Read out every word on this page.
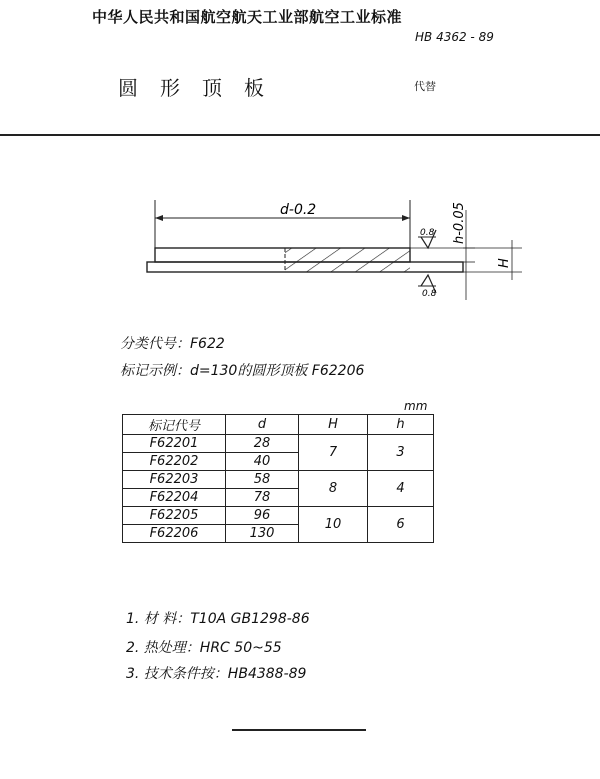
中华人民共和国航空航天工业部航空工业标准
HB 4362 - 89
圆形顶板	代替
d-0.2	h-0.05
H
0.8
0.8
分类代号：F622
标记示例：d=130的圆形顶板 F62206
mm
标记代号	d	H	h
F62201	28	7	3
F62202	40		
F62203	58	8	4
F62204	78		
F62205	96	10	6
F62206	130		
1. 材 料：T10A GB1298-86
2. 热处理：HRC 50~55
3. 技术条件按：HB4388-89
